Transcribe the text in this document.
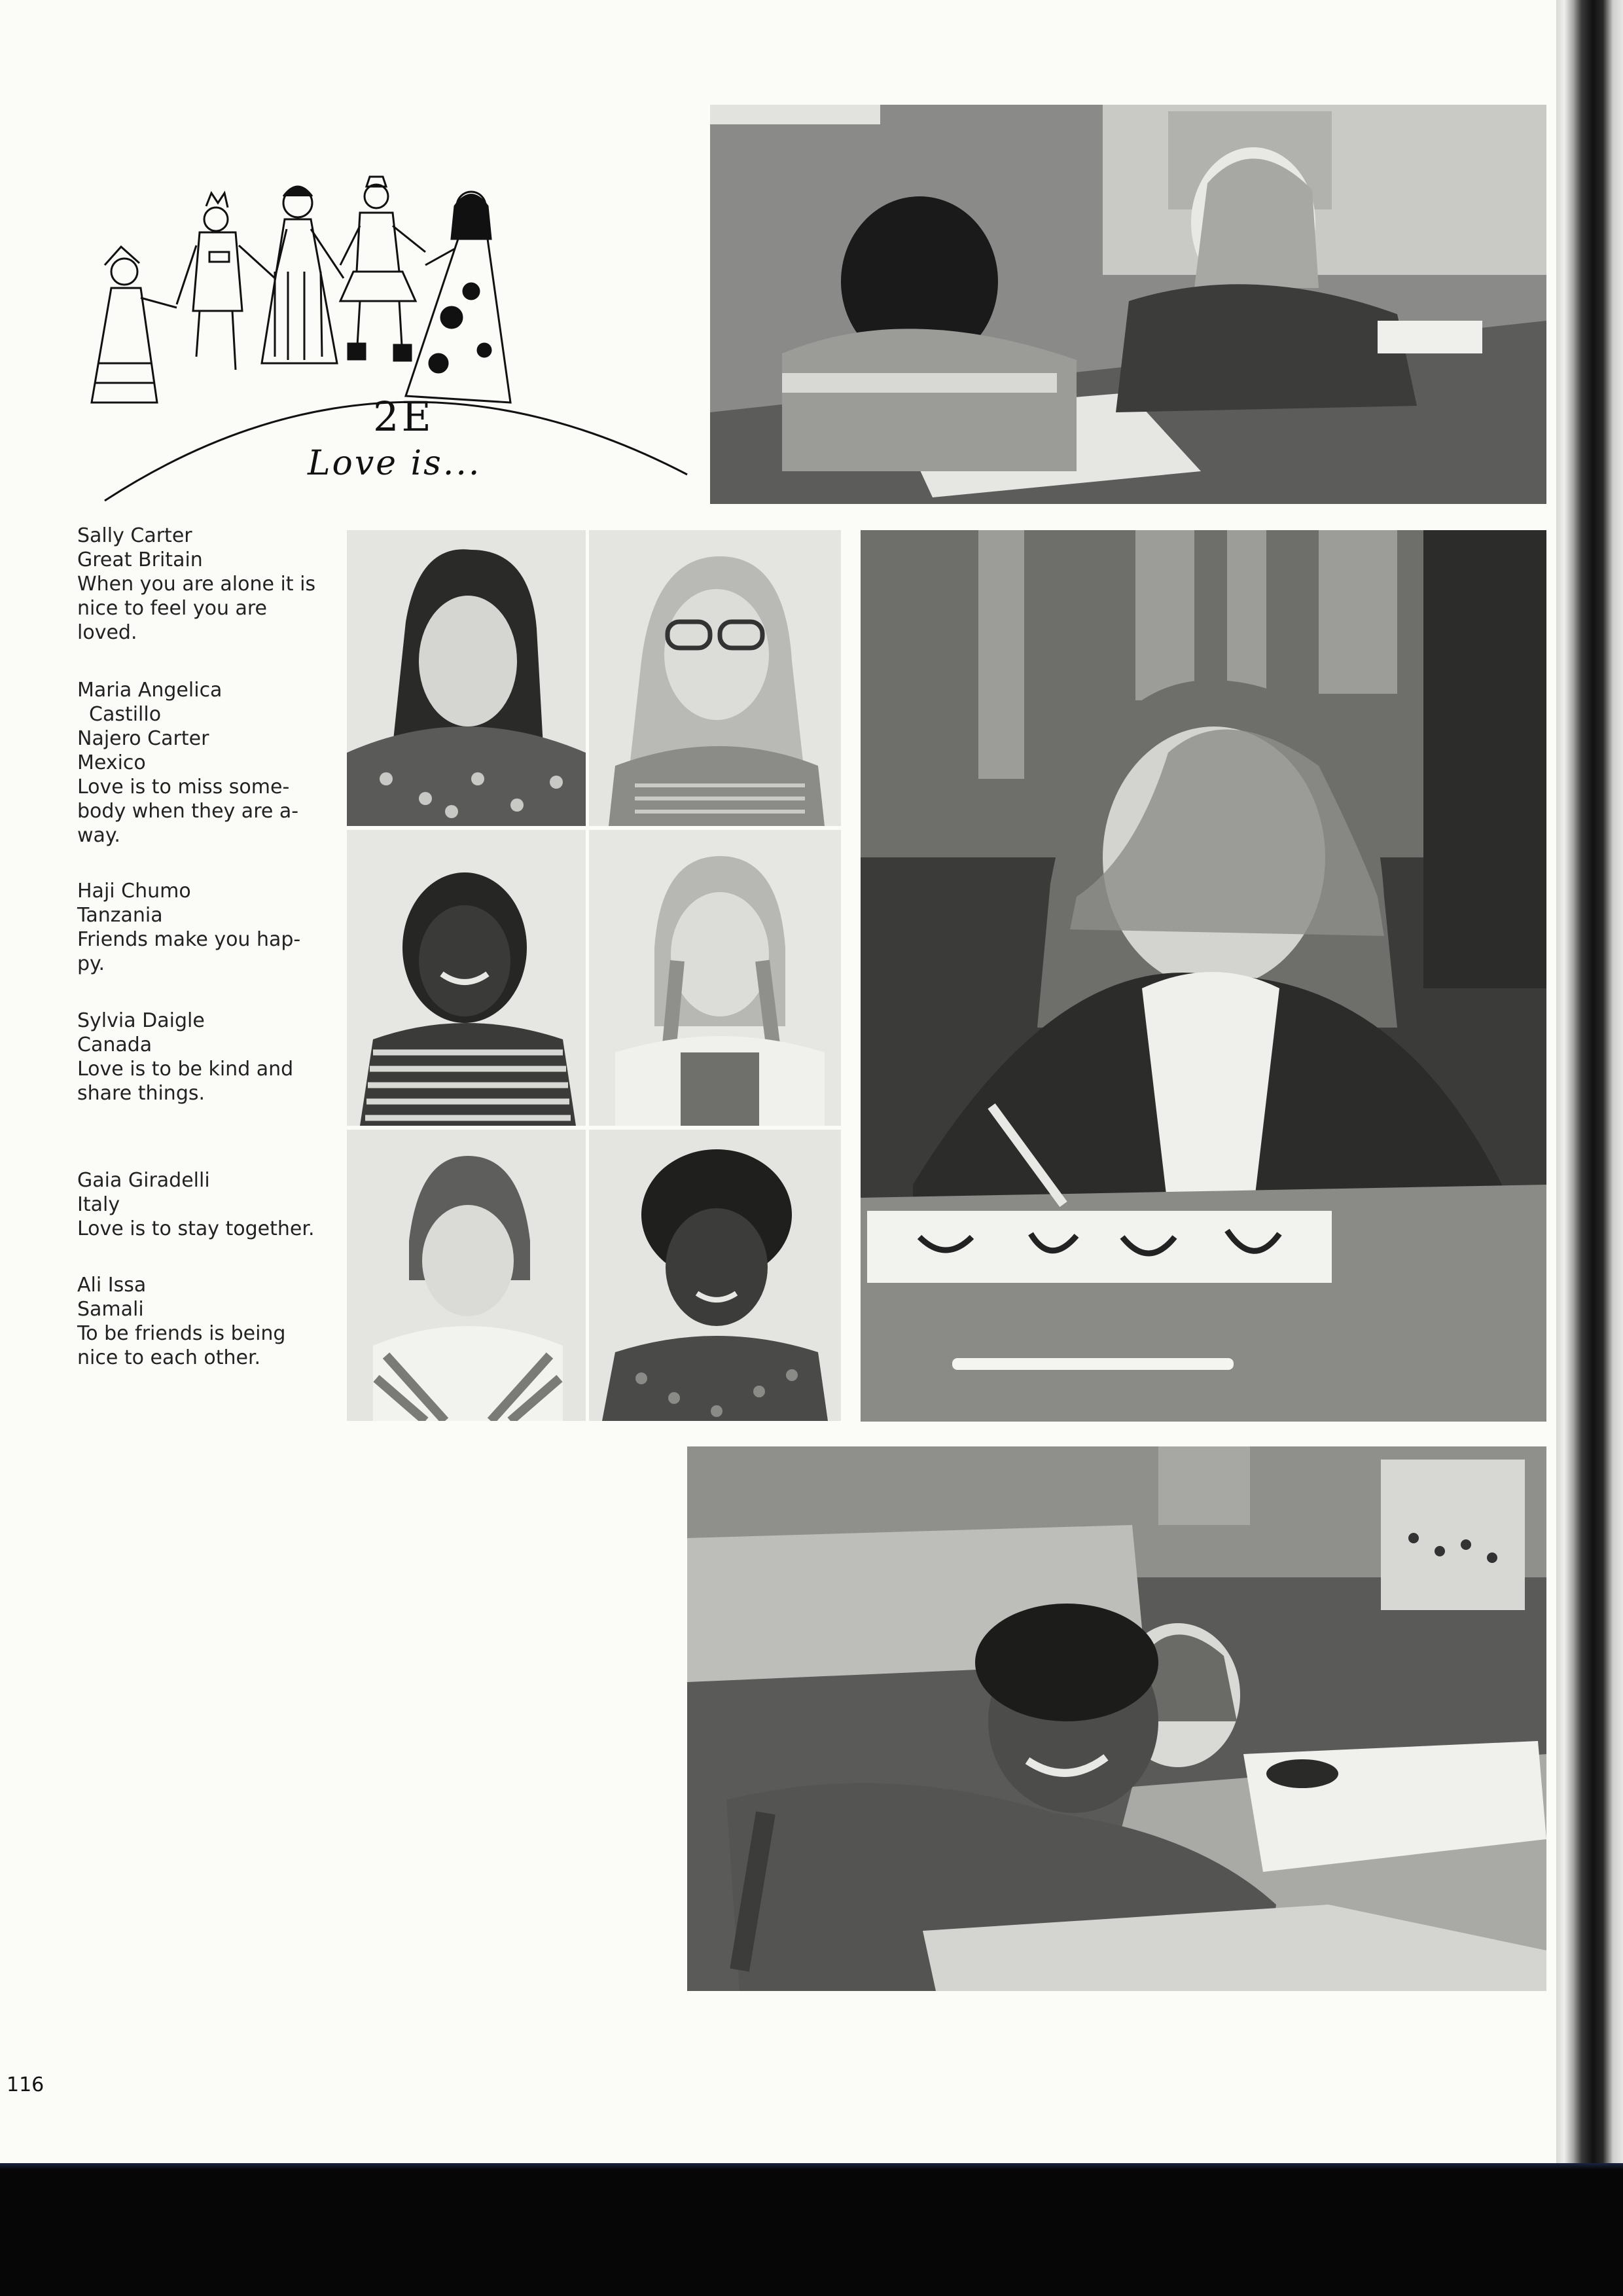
2E
Love is...
Sally Carter
Great Britain
When you are alone it is
nice to feel you are
loved.
Maria Angelica
Castillo
Najero Carter
Mexico
Love is to miss some-
body when they are a-
way.
Haji Chumo
Tanzania
Friends make you hap-
py.
Sylvia Daigle
Canada
Love is to be kind and
share things.
Gaia Giradelli
Italy
Love is to stay together.
Ali Issa
Samali
To be friends is being
nice to each other.
116
